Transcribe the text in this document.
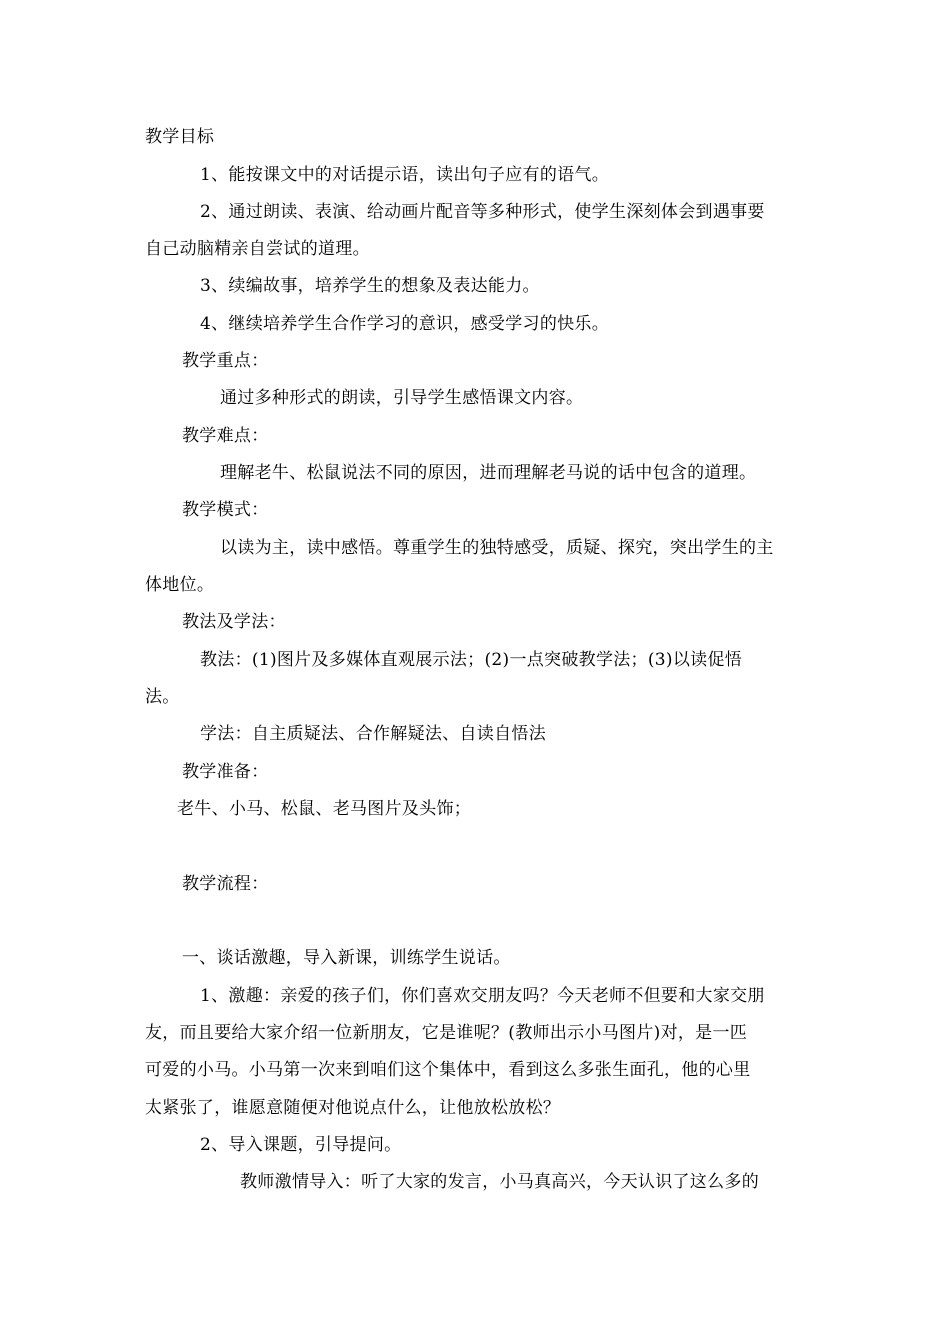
教学目标
1、能按课文中的对话提示语，读出句子应有的语气。
2、通过朗读、表演、给动画片配音等多种形式，使学生深刻体会到遇事要
自己动脑精亲自尝试的道理。
3、续编故事，培养学生的想象及表达能力。
4、继续培养学生合作学习的意识，感受学习的快乐。
教学重点：
通过多种形式的朗读，引导学生感悟课文内容。
教学难点：
理解老牛、松鼠说法不同的原因，进而理解老马说的话中包含的道理。
教学模式：
以读为主，读中感悟。尊重学生的独特感受，质疑、探究，突出学生的主
体地位。
教法及学法：
教法：(1)图片及多媒体直观展示法；(2)一点突破教学法；(3)以读促悟
法。
学法：自主质疑法、合作解疑法、自读自悟法
教学准备：
老牛、小马、松鼠、老马图片及头饰；
教学流程：
一、谈话激趣，导入新课，训练学生说话。
1、激趣：亲爱的孩子们，你们喜欢交朋友吗？今天老师不但要和大家交朋
友，而且要给大家介绍一位新朋友，它是谁呢？(教师出示小马图片)对，是一匹
可爱的小马。小马第一次来到咱们这个集体中，看到这么多张生面孔，他的心里
太紧张了，谁愿意随便对他说点什么，让他放松放松？
2、导入课题，引导提问。
教师激情导入：听了大家的发言，小马真高兴，今天认识了这么多的
